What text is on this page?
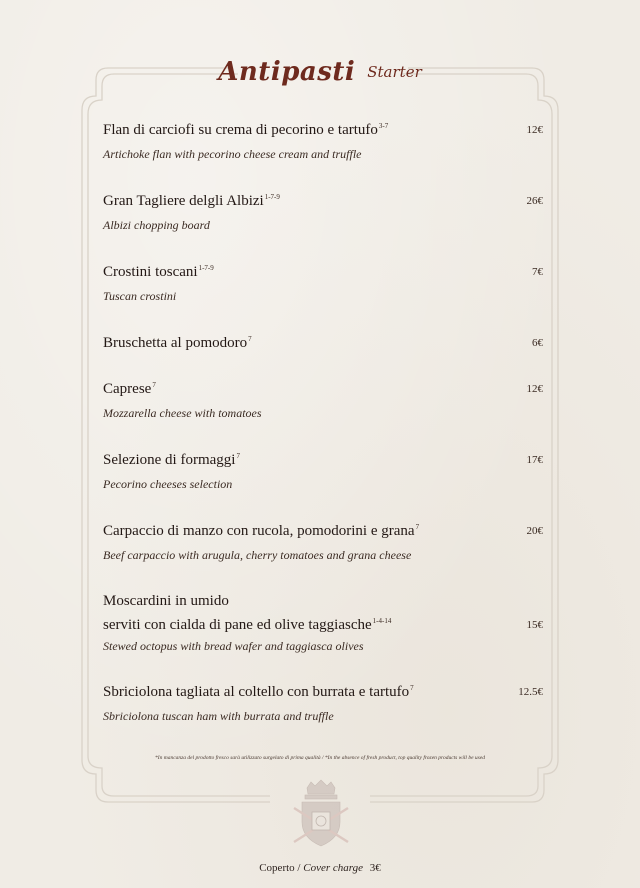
Antipasti Starter
Flan di carciofi su crema di pecorino e tartufo$^{3-7}$	12€
Artichoke flan with pecorino cheese cream and truffle
Gran Tagliere delgli Albizi$^{1-7-9}$	26€
Albizi chopping board
Crostini toscani$^{1-7-9}$	7€
Tuscan crostini
Bruschetta al pomodoro$^7$	6€
Caprese$^7$	12€
Mozzarella cheese with tomatoes
Selezione di formaggi$^7$	17€
Pecorino cheeses selection
Carpaccio di manzo con rucola, pomodorini e grana$^7$	20€
Beef carpaccio with arugula, cherry tomatoes and grana cheese
Moscardini in umido
serviti con cialda di pane ed olive taggiasche$^{1-4-14}$	15€
Stewed octopus with bread wafer and taggiasca olives
Sbriciolona tagliata al coltello con burrata e tartufo$^7$	12.5€
Sbriciolona tuscan ham with burrata and truffle
*In mancanza del prodotto fresco sarà utilizzato surgelato di prima qualità / *In the absence of fresh product, top quality frozen products will be used
Coperto / Cover charge 3€
